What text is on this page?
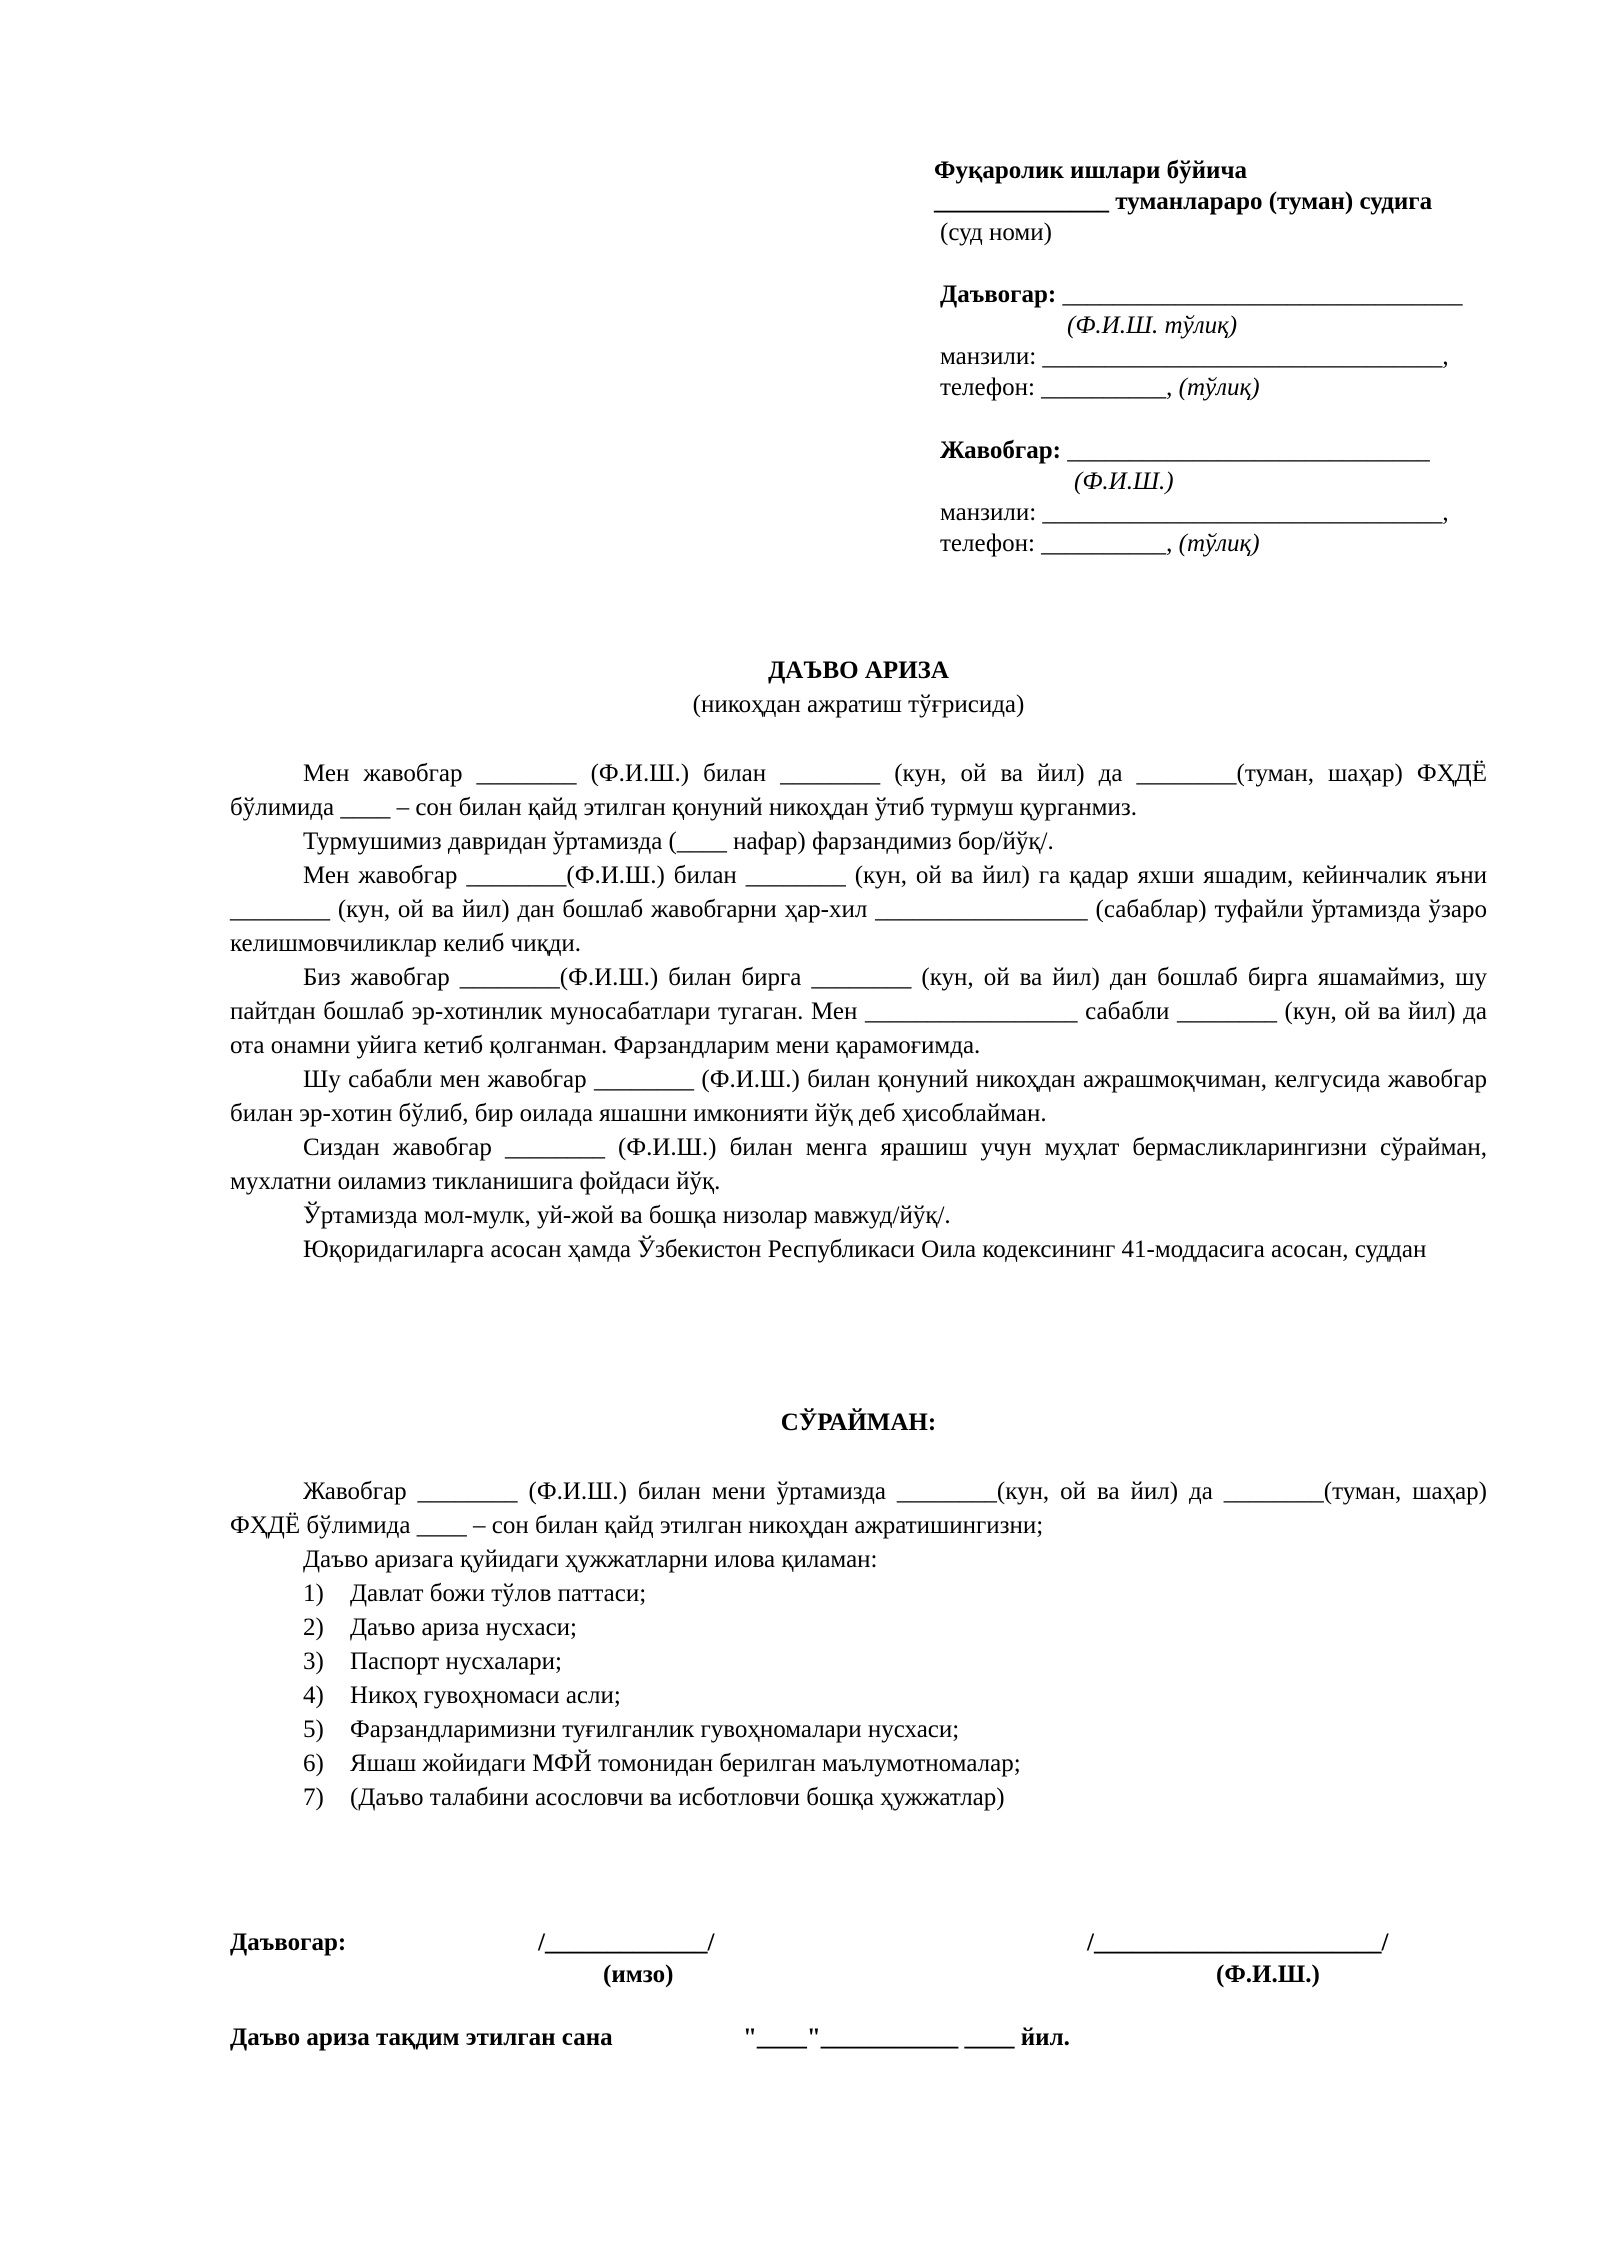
Фуқаролик ишлари бўйича
______________ туманлараро (туман) судига
(суд номи)
Даъвогар: ________________________________
(Ф.И.Ш. тўлиқ)
манзили: ________________________________,
телефон: __________, (тўлиқ)
Жавобгар: _____________________________
(Ф.И.Ш.)
манзили: ________________________________,
телефон: __________, (тўлиқ)

ДАЪВО АРИЗА

(никоҳдан ажратиш тўғрисида)

Мен жавобгар ________ (Ф.И.Ш.) билан ________ (кун, ой ва йил) да ________(туман, шаҳар) ФҲДЁ бўлимида ____ – сон билан қайд этилган қонуний никоҳдан ўтиб турмуш қурганмиз.

Турмушимиз давридан ўртамизда (____ нафар) фарзандимиз бор/йўқ/.

Мен жавобгар ________(Ф.И.Ш.) билан ________ (кун, ой ва йил) га қадар яхши яшадим, кейинчалик яъни ________ (кун, ой ва йил) дан бошлаб жавобгарни ҳар-хил _________________ (сабаблар) туфайли ўртамизда ўзаро келишмовчиликлар келиб чиқди.

Биз жавобгар ________(Ф.И.Ш.) билан бирга ________ (кун, ой ва йил) дан бошлаб бирга яшамаймиз, шу пайтдан бошлаб эр-хотинлик муносабатлари тугаган. Мен _________________ сабабли ________ (кун, ой ва йил) да ота онамни уйига кетиб қолганман. Фарзандларим мени қарамоғимда.

Шу сабабли мен жавобгар ________ (Ф.И.Ш.) билан қонуний никоҳдан ажрашмоқчиман, келгусида жавобгар билан эр-хотин бўлиб, бир оилада яшашни имконияти йўқ деб ҳисоблайман.

Сиздан жавобгар ________ (Ф.И.Ш.) билан менга ярашиш учун муҳлат бермасликларингизни сўрайман, мухлатни оиламиз тикланишига фойдаси йўқ.

Ўртамизда мол-мулк, уй-жой ва бошқа низолар мавжуд/йўқ/.

Юқоридагиларга асосан ҳамда Ўзбекистон Республикаси Оила кодексининг 41-моддасига асосан, суддан

СЎРАЙМАН:

Жавобгар ________ (Ф.И.Ш.) билан мени ўртамизда ________(кун, ой ва йил) да ________(туман, шаҳар) ФҲДЁ бўлимида ____ – сон билан қайд этилган никоҳдан ажратишингизни;

Даъво аризага қуйидаги ҳужжатларни илова қиламан:

1) Давлат божи тўлов паттаси;
2) Даъво ариза нусхаси;
3) Паспорт нусхалари;
4) Никоҳ гувоҳномаси асли;
5) Фарзандларимизни туғилганлик гувоҳномалари нусхаси;
6) Яшаш жойидаги МФЙ томонидан берилган маълумотномалар;
7) (Даъво талабини асословчи ва исботловчи бошқа ҳужжатлар)
Даъвогар:	/_____________/
(имзо)
/_______________________/
(Ф.И.Ш.)
Даъво ариза тақдим этилган сана	"____"___________ ____ йил.
